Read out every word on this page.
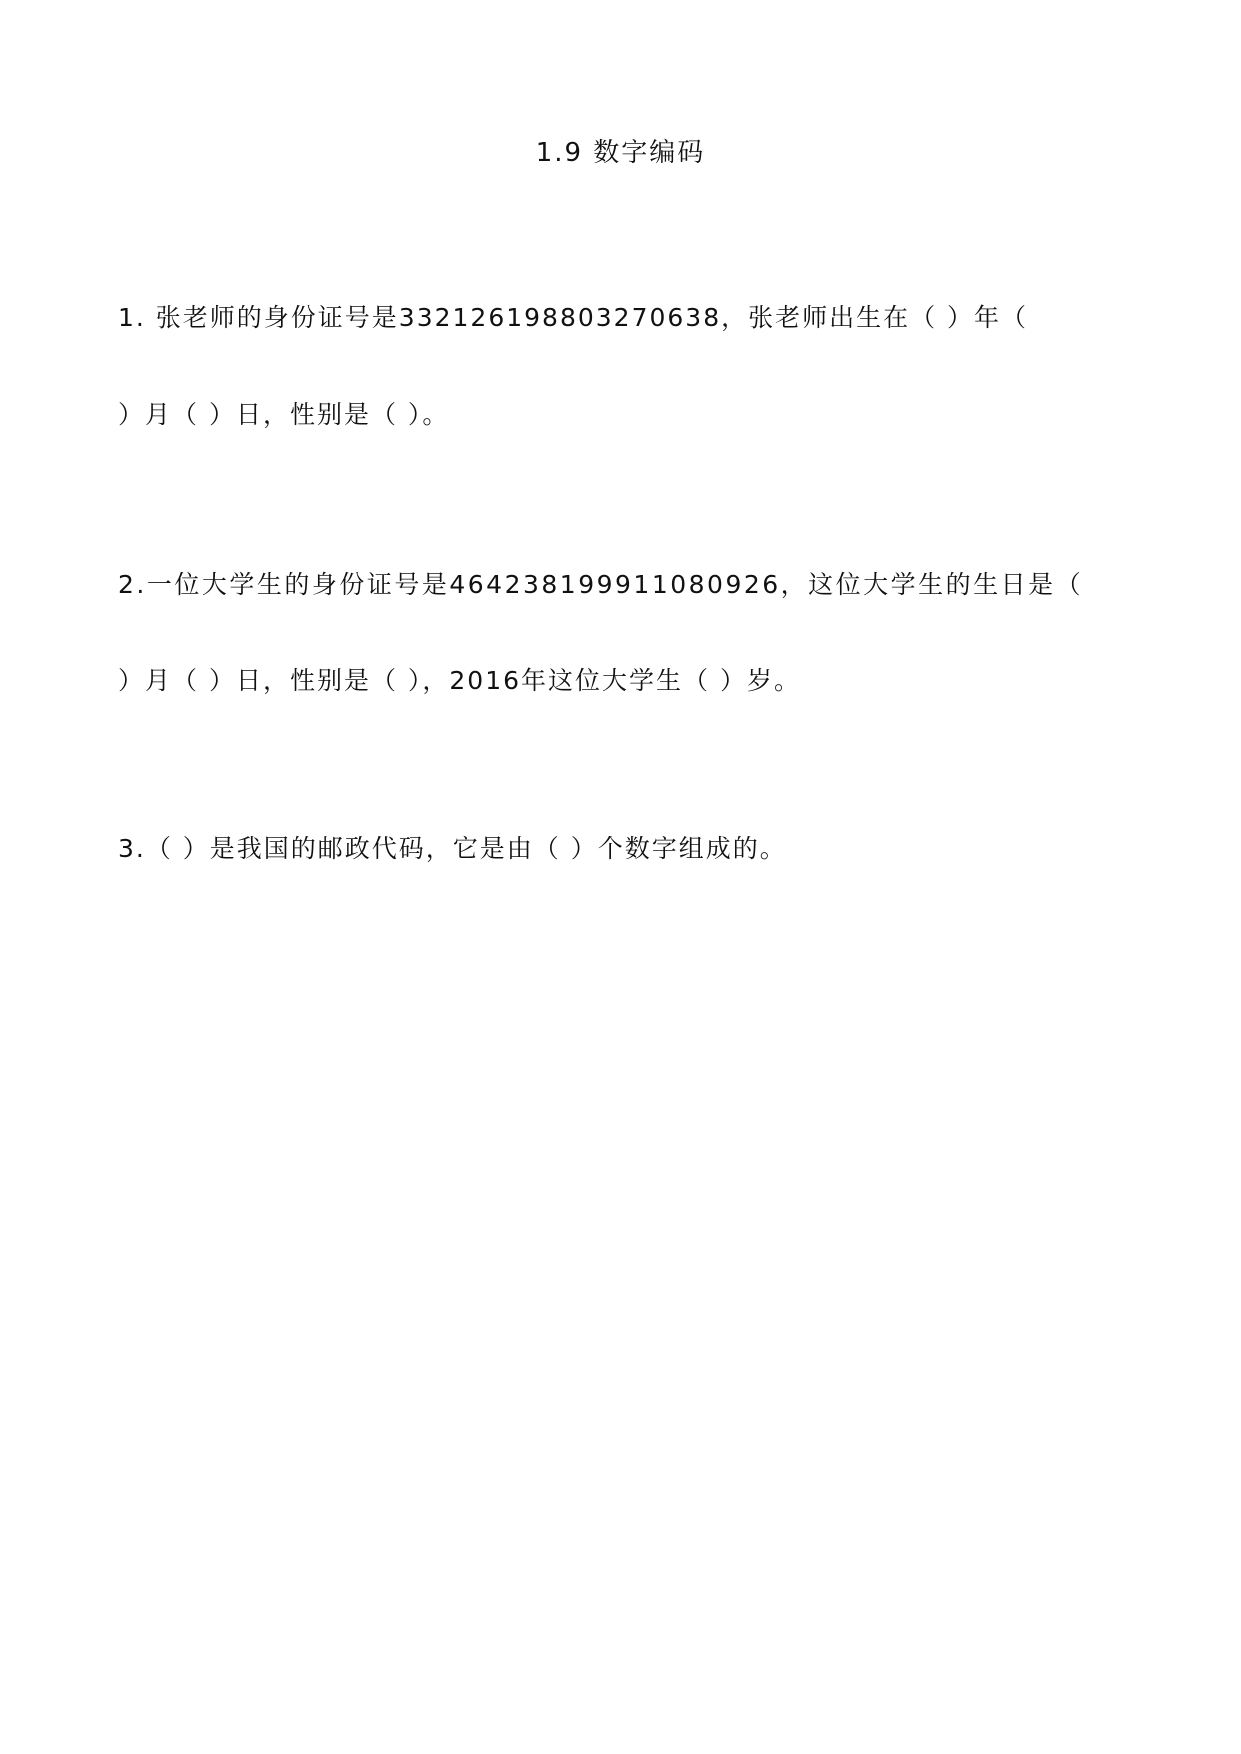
1.9 数字编码
1. 张老师的身份证号是332126198803270638，张老师出生在（ ）年（
）月（ ）日，性别是（ ）。
2.一位大学生的身份证号是464238199911080926，这位大学生的生日是（
）月（ ）日，性别是（ ），2016年这位大学生（ ）岁。
3.（ ）是我国的邮政代码，它是由（ ）个数字组成的。
